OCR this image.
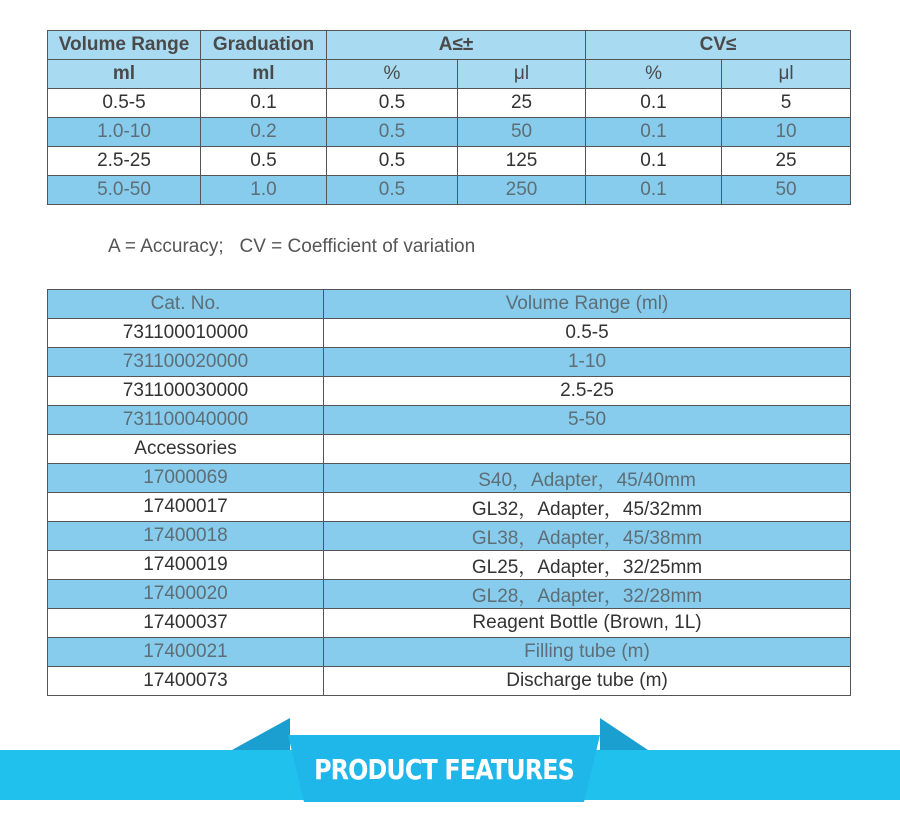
Volume Range	Graduation	A≤±		CV≤	
ml	ml	%	μl	%	μl
0.5-5	0.1	0.5	25	0.1	5
1.0-10	0.2	0.5	50	0.1	10
2.5-25	0.5	0.5	125	0.1	25
5.0-50	1.0	0.5	250	0.1	50
A = Accuracy;   CV = Coefficient of variation
Cat. No.	Volume Range (ml)
731100010000	0.5-5
731100020000	1-10
731100030000	2.5-25
731100040000	5-50
Accessories	
17000069	S40，Adapter，45/40mm
17400017	GL32，Adapter，45/32mm
17400018	GL38，Adapter，45/38mm
17400019	GL25，Adapter，32/25mm
17400020	GL28，Adapter，32/28mm
17400037	Reagent Bottle (Brown, 1L)
17400021	Filling tube (m)
17400073	Discharge tube (m)
PRODUCT FEATURES
